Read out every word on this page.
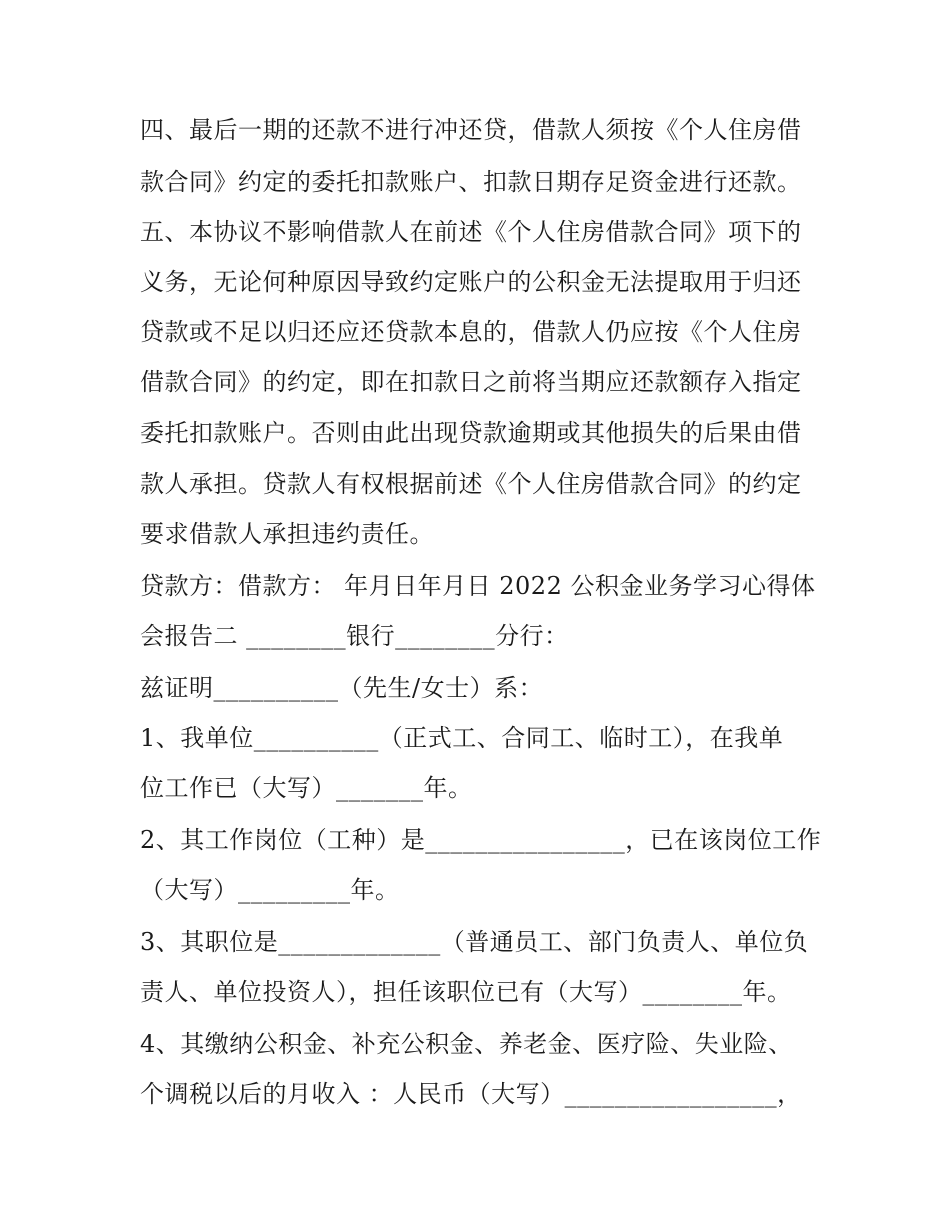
四、最后一期的还款不进行冲还贷，借款人须按《个人住房借
款合同》约定的委托扣款账户、扣款日期存足资金进行还款。
五、本协议不影响借款人在前述《个人住房借款合同》项下的
义务，无论何种原因导致约定账户的公积金无法提取用于归还
贷款或不足以归还应还贷款本息的，借款人仍应按《个人住房
借款合同》的约定，即在扣款日之前将当期应还款额存入指定
委托扣款账户。否则由此出现贷款逾期或其他损失的后果由借
款人承担。贷款人有权根据前述《个人住房借款合同》的约定
要求借款人承担违约责任。
贷款方：借款方： 年月日年月日 2022 公积金业务学习心得体
会报告二 ________银行________分行：
兹证明__________（先生/女士）系：
1、我单位__________（正式工、合同工、临时工），在我单
位工作已（大写）_______年。
2、其工作岗位（工种）是________________，已在该岗位工作
（大写）_________年。
3、其职位是_____________（普通员工、部门负责人、单位负
责人、单位投资人），担任该职位已有（大写）________年。
4、其缴纳公积金、补充公积金、养老金、医疗险、失业险、
个调税以后的月收入 ：人民币（大写）_________________，
